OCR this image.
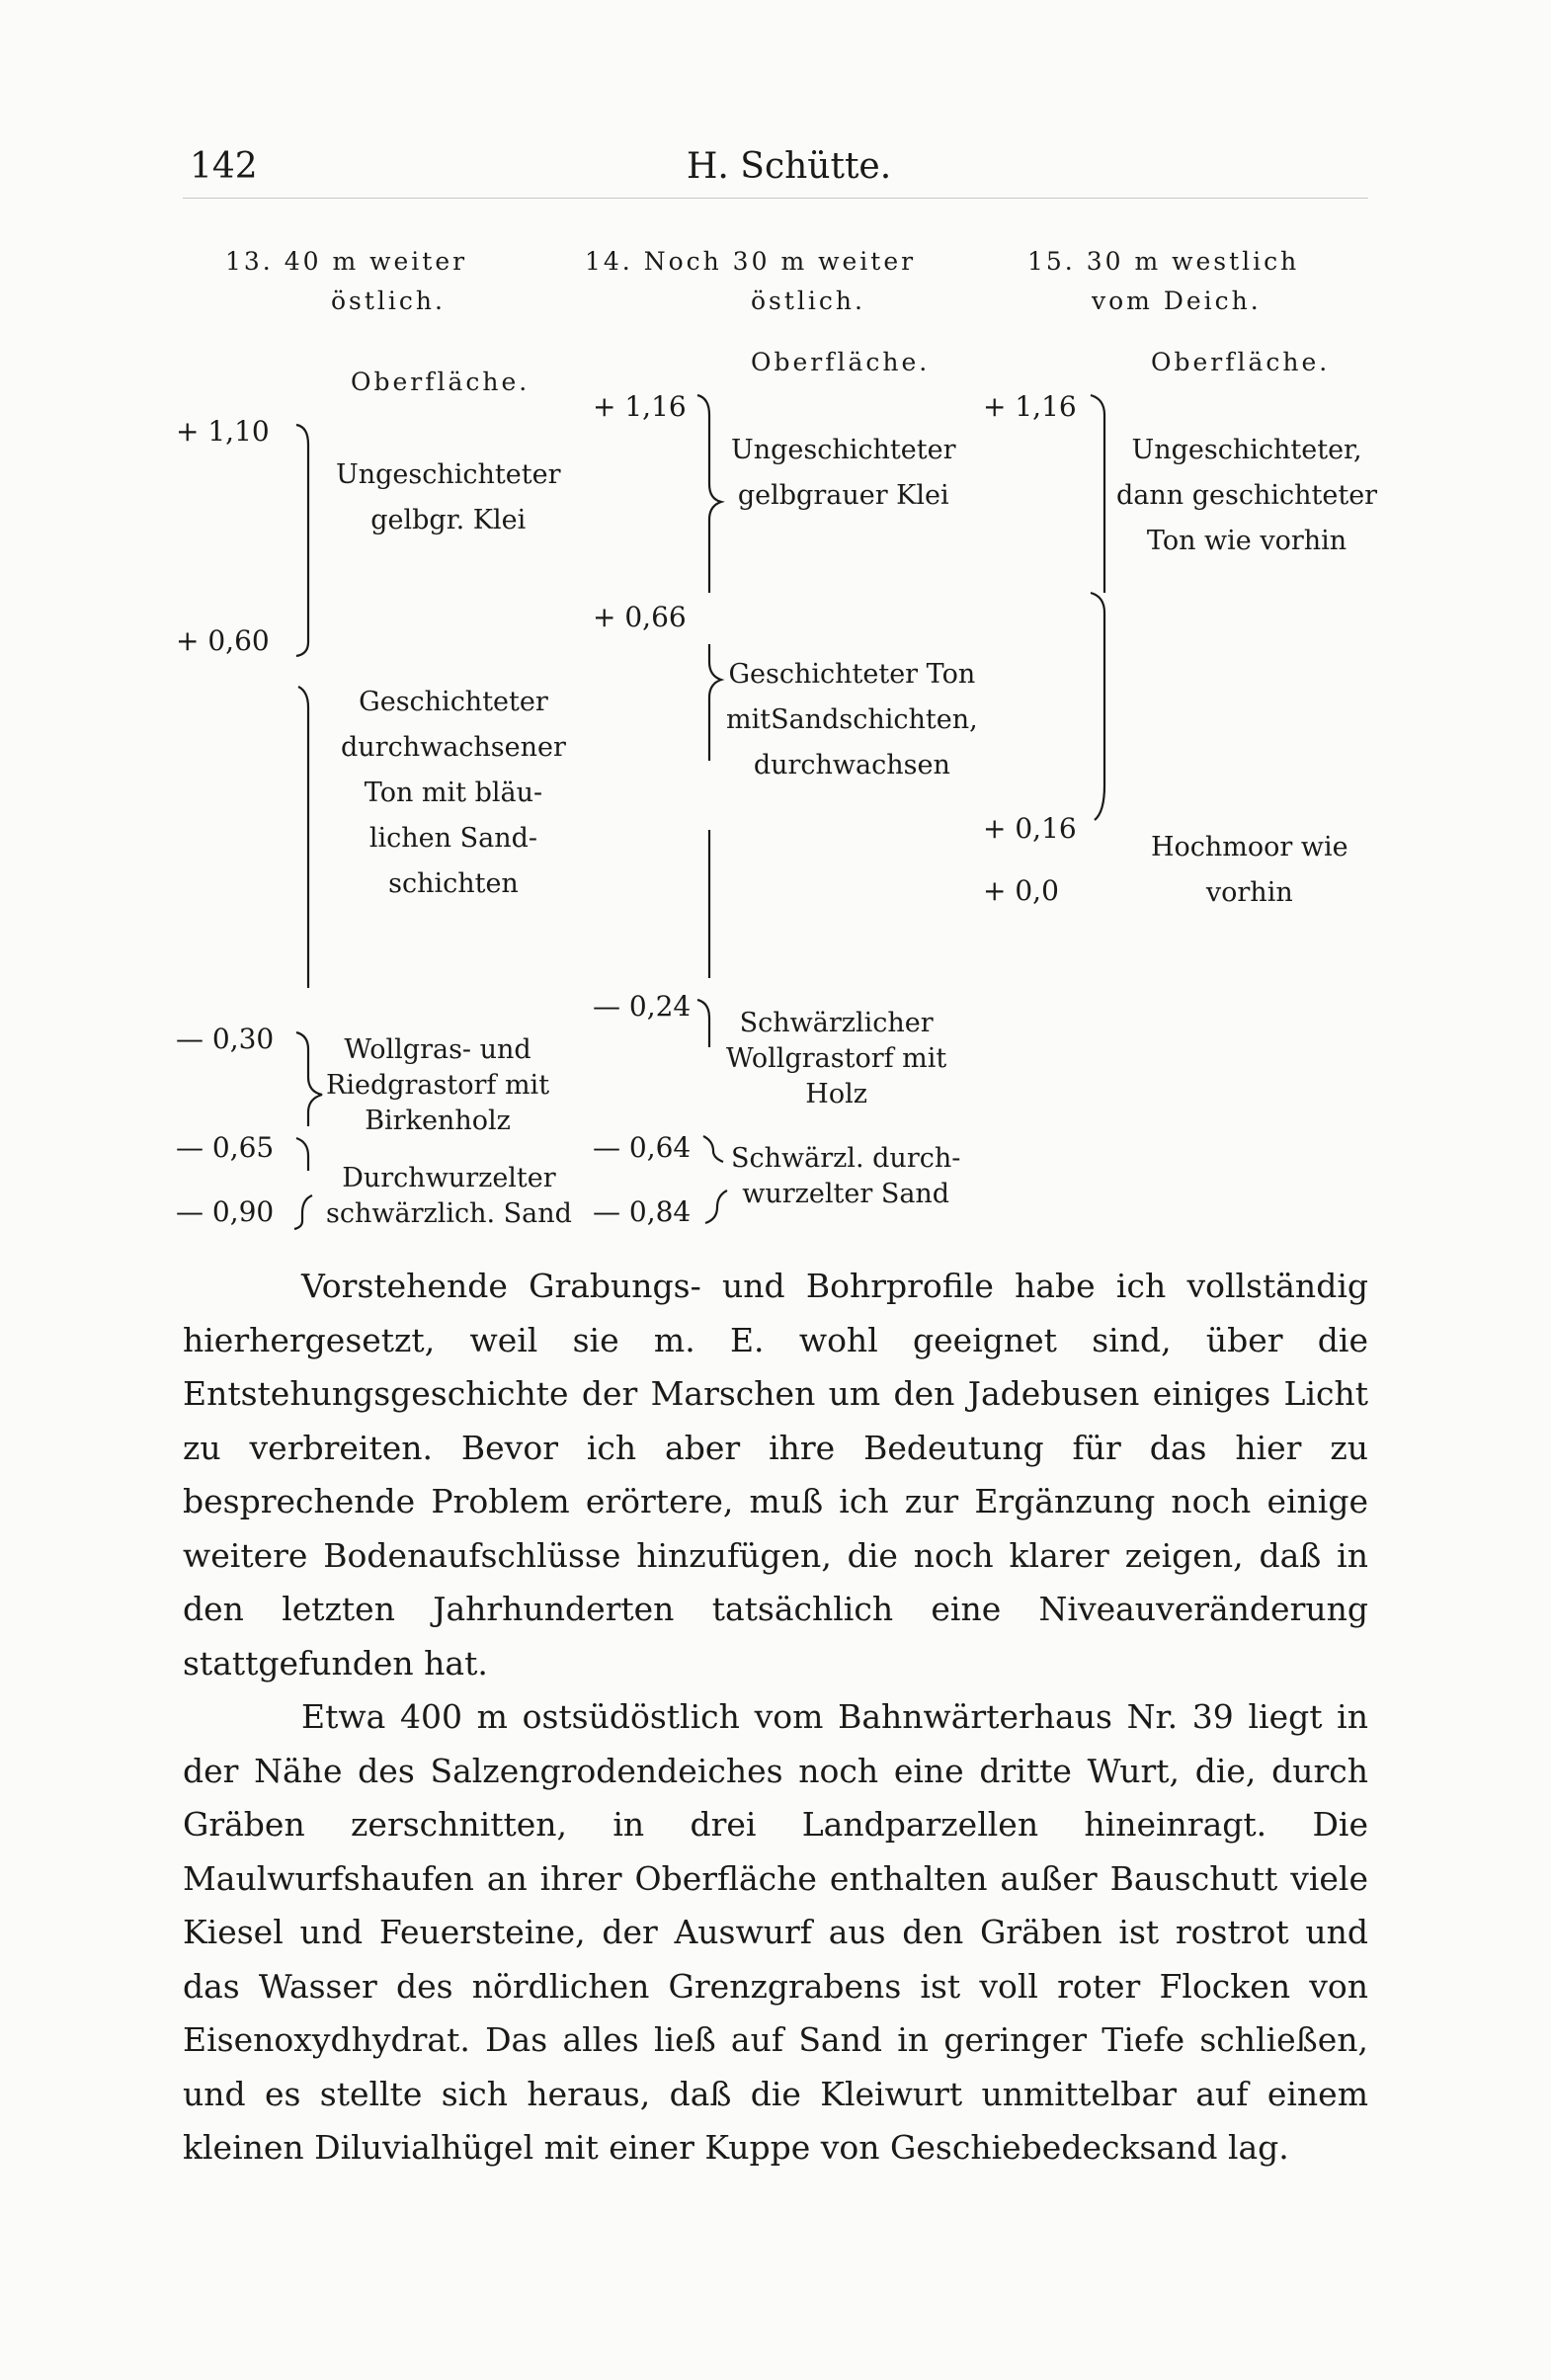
142	H. Schütte.
13. 40 m weiter
östlich.
Oberfläche.
+ 1,10
+ 0,60
— 0,30
— 0,65
— 0,90
Ungeschichteter
gelbgr. Klei
Geschichteter
durchwachsener
Ton mit bläu-
lichen Sand-
schichten
Wollgras- und
Riedgrastorf mit
Birkenholz
Durchwurzelter
schwärzlich. Sand
14. Noch 30 m weiter
östlich.
Oberfläche.
+ 1,16
+ 0,66
— 0,24
— 0,64
— 0,84
Ungeschichteter
gelbgrauer Klei
Geschichteter Ton
mitSandschichten,
durchwachsen
Schwärzlicher
Wollgrastorf mit
Holz
Schwärzl. durch-
wurzelter Sand
15. 30 m westlich
vom Deich.
Oberfläche.
+ 1,16
+ 0,16
+ 0,0
Ungeschichteter,
dann geschichteter
Ton wie vorhin
Hochmoor wie
vorhin

Vorstehende Grabungs- und Bohrprofile habe ich vollständig hierhergesetzt, weil sie m. E. wohl geeignet sind, über die Entstehungsgeschichte der Marschen um den Jadebusen einiges Licht zu verbreiten. Bevor ich aber ihre Bedeutung für das hier zu besprechende Problem erörtere, muß ich zur Ergänzung noch einige weitere Bodenaufschlüsse hinzufügen, die noch klarer zeigen, daß in den letzten Jahrhunderten tatsächlich eine Niveauveränderung stattgefunden hat.

Etwa 400 m ostsüdöstlich vom Bahnwärterhaus Nr. 39 liegt in der Nähe des Salzengrodendeiches noch eine dritte Wurt, die, durch Gräben zerschnitten, in drei Landparzellen hineinragt. Die Maulwurfshaufen an ihrer Oberfläche enthalten außer Bauschutt viele Kiesel und Feuersteine, der Auswurf aus den Gräben ist rostrot und das Wasser des nördlichen Grenzgrabens ist voll roter Flocken von Eisenoxydhydrat. Das alles ließ auf Sand in geringer Tiefe schließen, und es stellte sich heraus, daß die Kleiwurt unmittelbar auf einem kleinen Diluvialhügel mit einer Kuppe von Geschiebedecksand lag.
